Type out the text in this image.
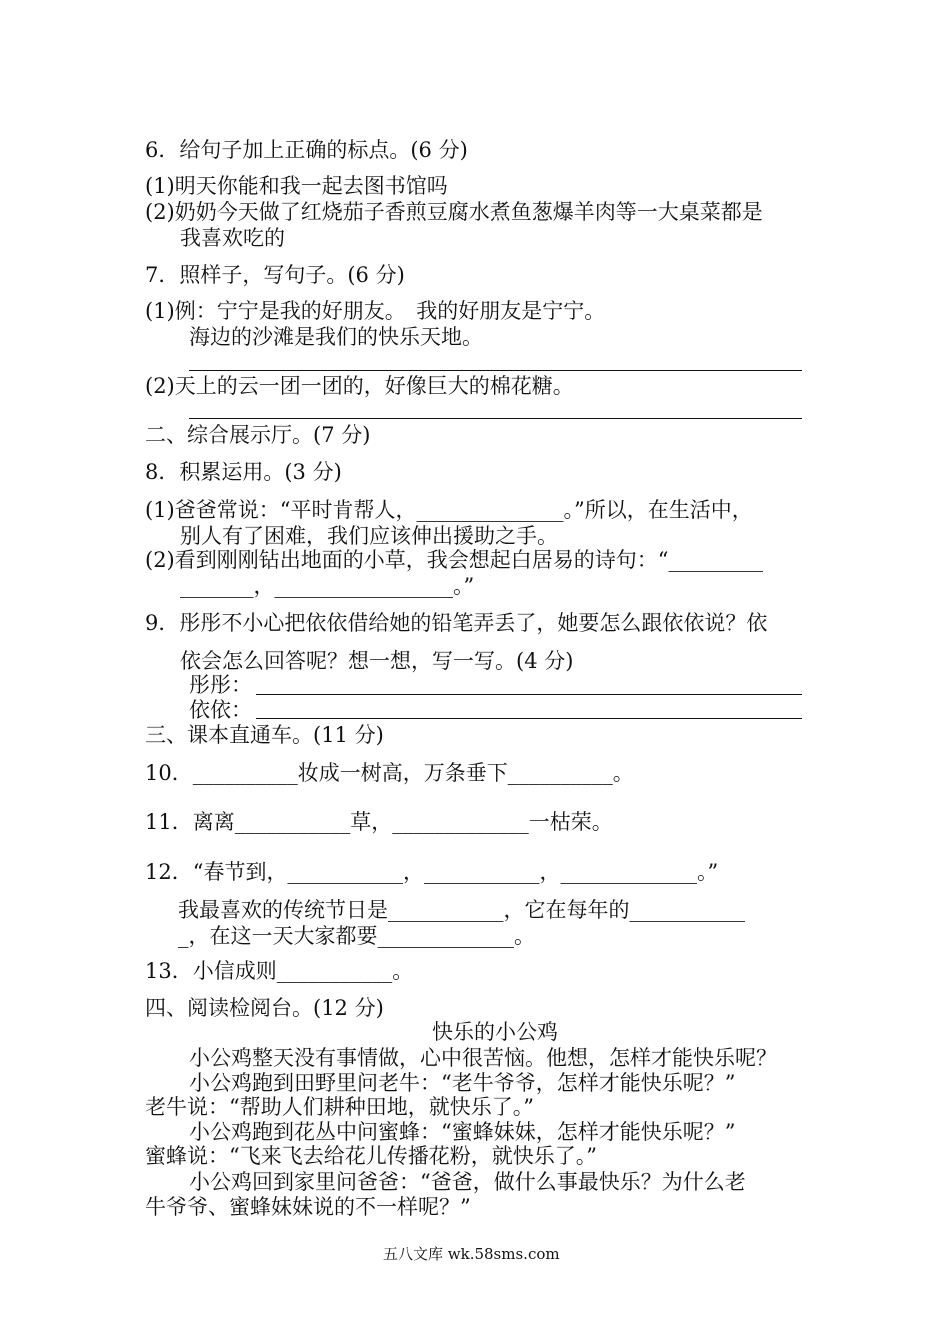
6．给句子加上正确的标点。(6 分)
(1)明天你能和我一起去图书馆吗
(2)奶奶今天做了红烧茄子香煎豆腐水煮鱼葱爆羊肉等一大桌菜都是
我喜欢吃的
7．照样子，写句子。(6 分)
(1)例：宁宁是我的好朋友。　我的好朋友是宁宁。
海边的沙滩是我们的快乐天地。
(2)天上的云一团一团的，好像巨大的棉花糖。
二、综合展示厅。(7 分)
8．积累运用。(3 分)
(1)爸爸常说：“平时肯帮人，______________。”所以，在生活中，
别人有了困难，我们应该伸出援助之手。
(2)看到刚刚钻出地面的小草，我会想起白居易的诗句：“_________
_______，_________________。”
9．彤彤不小心把依依借给她的铅笔弄丢了，她要怎么跟依依说？依
依会怎么回答呢？想一想，写一写。(4 分)
彤彤：
依依：
三、课本直通车。(11 分)
10．__________妆成一树高，万条垂下__________。
11．离离___________草，_____________一枯荣。
12．“春节到，___________，___________，_____________。”
我最喜欢的传统节日是___________，它在每年的___________
_，在这一天大家都要_____________。
13．小信成则___________。
四、阅读检阅台。(12 分)
快乐的小公鸡
小公鸡整天没有事情做，心中很苦恼。他想，怎样才能快乐呢？
小公鸡跑到田野里问老牛：“老牛爷爷，怎样才能快乐呢？”
老牛说：“帮助人们耕种田地，就快乐了。”
小公鸡跑到花丛中问蜜蜂：“蜜蜂妹妹，怎样才能快乐呢？”
蜜蜂说：“飞来飞去给花儿传播花粉，就快乐了。”
小公鸡回到家里问爸爸：“爸爸，做什么事最快乐？为什么老
牛爷爷、蜜蜂妹妹说的不一样呢？”
五八文库 wk.58sms.com
